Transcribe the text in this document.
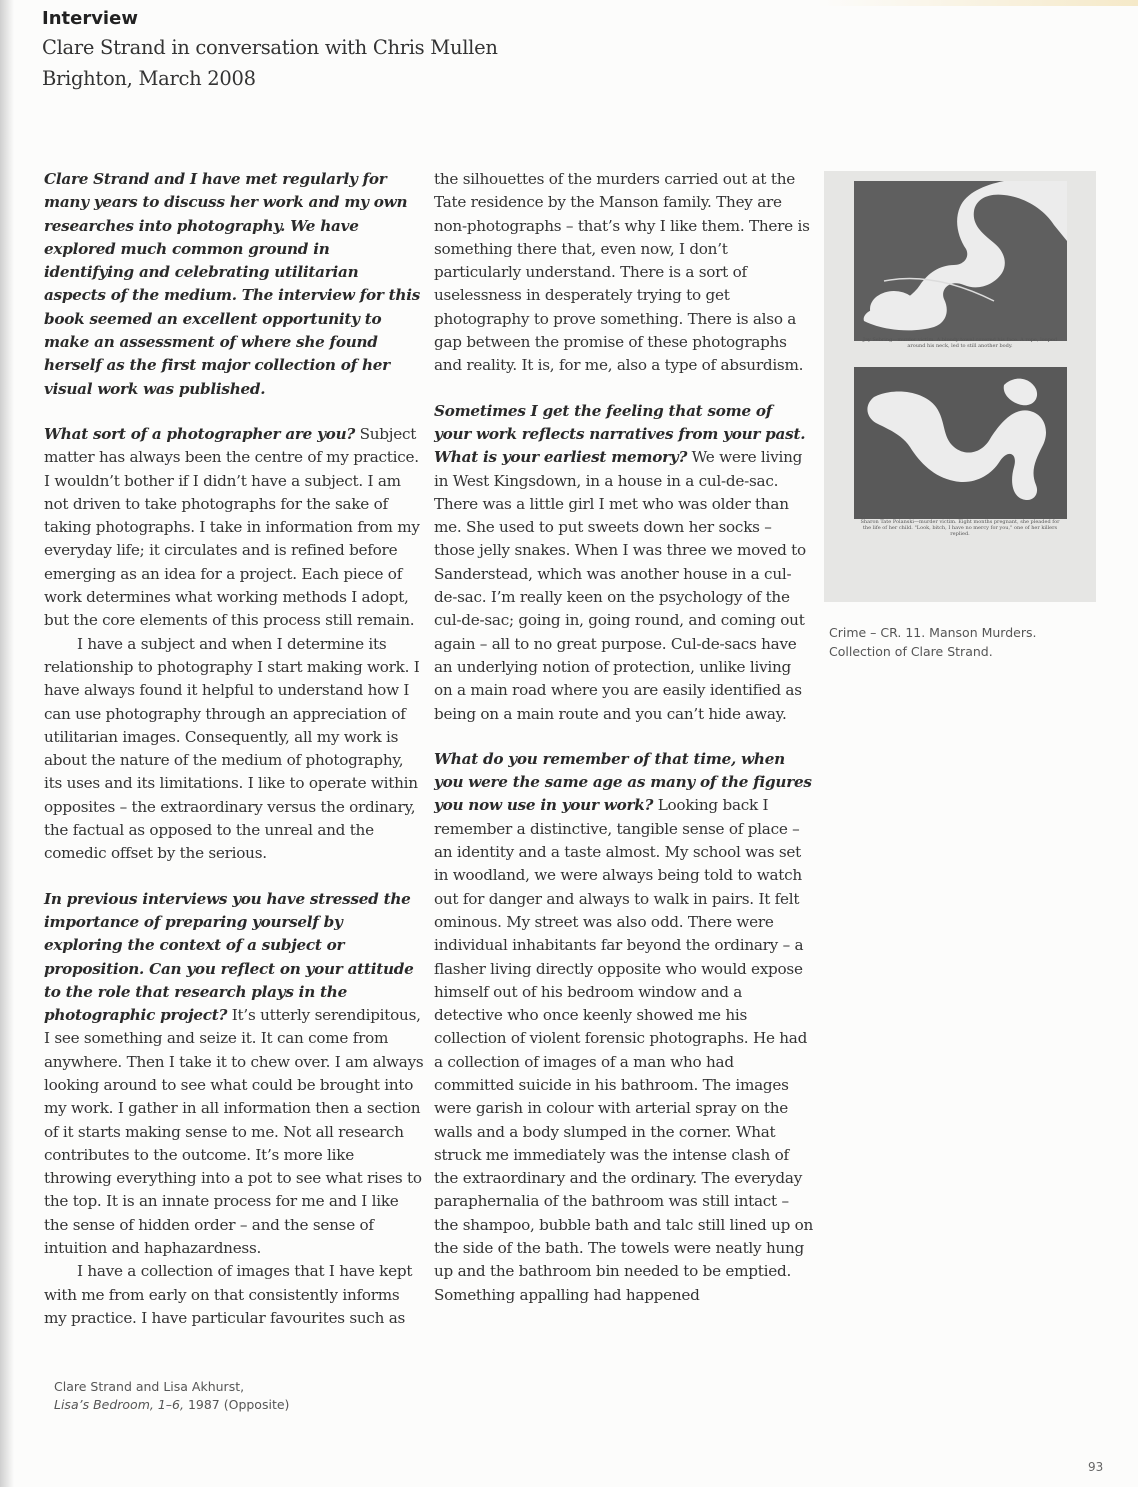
Interview
Clare Strand in conversation with Chris Mullen
Brighton, March 2008

Clare Strand and I have met regularly for many years to discuss her work and my own researches into photography. We have explored much common ground in identifying and celebrating utilitarian aspects of the medium. The interview for this book seemed an excellent opportunity to make an assessment of where she found herself as the first major collection of her visual work was published.

What sort of a photographer are you? Subject matter has always been the centre of my practice. I wouldn’t bother if I didn’t have a subject. I am not driven to take photographs for the sake of taking photographs. I take in information from my everyday life; it circulates and is refined before emerging as an idea for a project. Each piece of work determines what working methods I adopt, but the core elements of this process still remain.

I have a subject and when I determine its relationship to photography I start making work. I have always found it helpful to understand how I can use photography through an appreciation of utilitarian images. Consequently, all my work is about the nature of the medium of photography, its uses and its limitations. I like to operate within opposites – the extraordinary versus the ordinary, the factual as opposed to the unreal and the comedic offset by the serious.

In previous interviews you have stressed the importance of preparing yourself by exploring the context of a subject or proposition. Can you reflect on your attitude to the role that research plays in the photographic project? It’s utterly serendipitous, I see something and seize it. It can come from anywhere. Then I take it to chew over. I am always looking around to see what could be brought into my work. I gather in all information then a section of it starts making sense to me. Not all research contributes to the outcome. It’s more like throwing everything into a pot to see what rises to the top. It is an innate process for me and I like the sense of hidden order – and the sense of intuition and haphazardness.

I have a collection of images that I have kept with me from early on that consistently informs my practice. I have particular favourites such as

the silhouettes of the murders carried out at the Tate residence by the Manson family. They are non-photographs – that’s why I like them. There is something there that, even now, I don’t particularly understand. There is a sort of uselessness in desperately trying to get photography to prove something. There is also a gap between the promise of these photographs and reality. It is, for me, also a type of absurdism.

Sometimes I get the feeling that some of your work reflects narratives from your past. What is your earliest memory? We were living in West Kingsdown, in a house in a cul-de-sac. There was a little girl I met who was older than me. She used to put sweets down her socks – those jelly snakes. When I was three we moved to Sanderstead, which was another house in a cul-de-sac. I’m really keen on the psychology of the cul-de-sac; going in, going round, and coming out again – all to no great purpose. Cul-de-sacs have an underlying notion of protection, unlike living on a main road where you are easily identified as being on a main route and you can’t hide away.

What do you remember of that time, when you were the same age as many of the figures you now use in your work? Looking back I remember a distinctive, tangible sense of place – an identity and a taste almost. My school was set in woodland, we were always being told to watch out for danger and always to walk in pairs. It felt ominous. My street was also odd. There were individual inhabitants far beyond the ordinary – a flasher living directly opposite who would expose himself out of his bedroom window and a detective who once keenly showed me his collection of violent forensic photographs. He had a collection of images of a man who had committed suicide in his bathroom. The images were garish in colour with arterial spray on the walls and a body slumped in the corner. What struck me immediately was the intense clash of the extraordinary and the ordinary. The everyday paraphernalia of the bathroom was still intact – the shampoo, bubble bath and talc still lined up on the side of the bath. The towels were neatly hung up and the bathroom bin needed to be emptied. Something appalling had happened

Jay Sebring—murder victim. A bloody towel covered his face. A rope, looped around his neck, led to still another body.
Sharon Tate Polanski—murder victim. Eight months pregnant, she pleaded for the life of her child. "Look, bitch, I have no mercy for you," one of her killers replied.
Crime – CR. 11. Manson Murders.
Collection of Clare Strand.
Clare Strand and Lisa Akhurst,
Lisa’s Bedroom, 1–6, 1987 (Opposite)
93
